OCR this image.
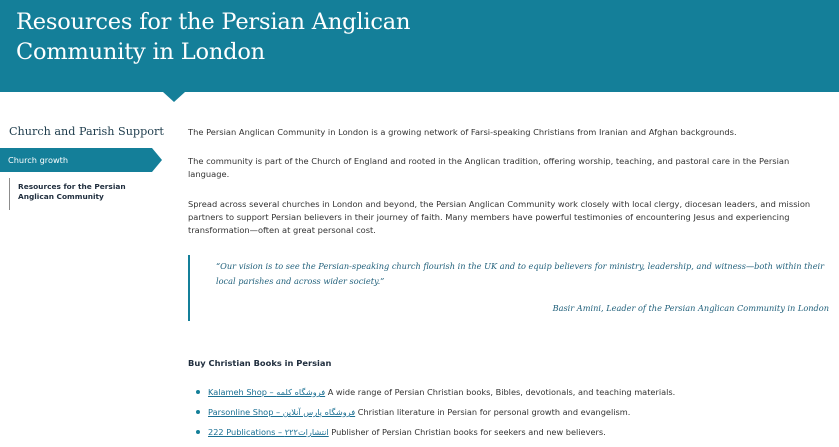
Resources for the Persian Anglican Community in London
Church and Parish Support
Church growth
Resources for the Persian Anglican Community

The Persian Anglican Community in London is a growing network of Farsi-speaking Christians from Iranian and Afghan backgrounds.

The community is part of the Church of England and rooted in the Anglican tradition, offering worship, teaching, and pastoral care in the Persian language.

Spread across several churches in London and beyond, the Persian Anglican Community work closely with local clergy, diocesan leaders, and mission partners to support Persian believers in their journey of faith. Many members have powerful testimonies of encountering Jesus and experiencing transformation—often at great personal cost.

“Our vision is to see the Persian-speaking church flourish in the UK and to equip believers for ministry, leadership, and witness—both within their local parishes and across wider society.”
Basir Amini, Leader of the Persian Anglican Community in London
Buy Christian Books in Persian
Kalameh Shop – فروشگاه کلمه A wide range of Persian Christian books, Bibles, devotionals, and teaching materials.
Parsonline Shop – فروشگاه پارس آنلاین Christian literature in Persian for personal growth and evangelism.
222 Publications – انتشارات۲۲۲ Publisher of Persian Christian books for seekers and new believers.
